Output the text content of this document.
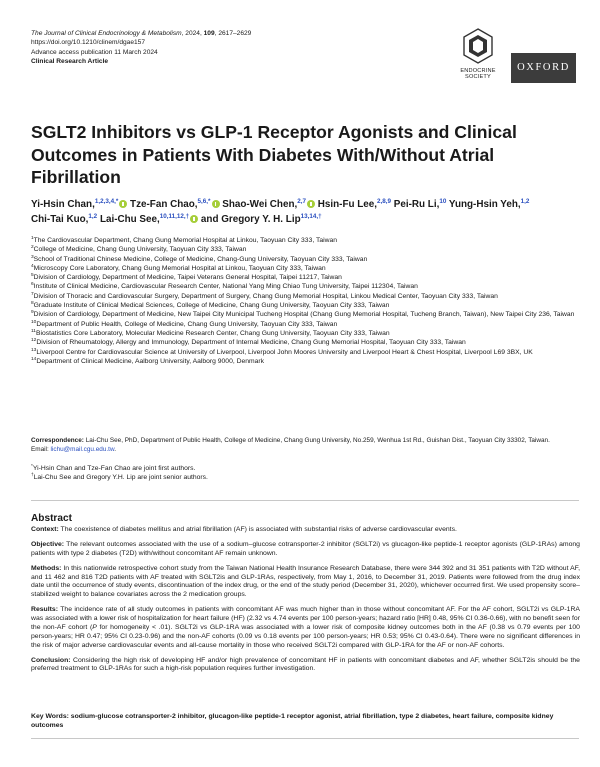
The Journal of Clinical Endocrinology & Metabolism, 2024, 109, 2617–2629
https://doi.org/10.1210/clinem/dgae157
Advance access publication 11 March 2024
Clinical Research Article
ENDOCRINE
SOCIETY
OXFORD
SGLT2 Inhibitors vs GLP-1 Receptor Agonists and Clinical Outcomes in Patients With Diabetes With/Without Atrial Fibrillation
Yi-Hsin Chan,$^{1,2,3,4,*}$ Tze-Fan Chao,$^{5,6,*}$ Shao-Wei Chen,$^{2,7}$ Hsin-Fu Lee,$^{2,8,9}$ Pei-Ru Li,$^{10}$ Yung-Hsin Yeh,$^{1,2}$ Chi-Tai Kuo,$^{1,2}$ Lai-Chu See,$^{10,11,12,\dagger}$ and Gregory Y. H. Lip$^{13,14,\dagger}$
$^1$The Cardiovascular Department, Chang Gung Memorial Hospital at Linkou, Taoyuan City 333, Taiwan
$^2$College of Medicine, Chang Gung University, Taoyuan City 333, Taiwan
$^3$School of Traditional Chinese Medicine, College of Medicine, Chang-Gung University, Taoyuan City 333, Taiwan
$^4$Microscopy Core Laboratory, Chang Gung Memorial Hospital at Linkou, Taoyuan City 333, Taiwan
$^5$Division of Cardiology, Department of Medicine, Taipei Veterans General Hospital, Taipei 11217, Taiwan
$^6$Institute of Clinical Medicine, Cardiovascular Research Center, National Yang Ming Chiao Tung University, Taipei 112304, Taiwan
$^7$Division of Thoracic and Cardiovascular Surgery, Department of Surgery, Chang Gung Memorial Hospital, Linkou Medical Center, Taoyuan City 333, Taiwan
$^8$Graduate Institute of Clinical Medical Sciences, College of Medicine, Chang Gung University, Taoyuan City 333, Taiwan
$^9$Division of Cardiology, Department of Medicine, New Taipei City Municipal Tucheng Hospital (Chang Gung Memorial Hospital, Tucheng Branch, Taiwan), New Taipei City 236, Taiwan
$^{10}$Department of Public Health, College of Medicine, Chang Gung University, Taoyuan City 333, Taiwan
$^{11}$Biostatistics Core Laboratory, Molecular Medicine Research Center, Chang Gung University, Taoyuan City 333, Taiwan
$^{12}$Division of Rheumatology, Allergy and Immunology, Department of Internal Medicine, Chang Gung Memorial Hospital, Taoyuan City 333, Taiwan
$^{13}$Liverpool Centre for Cardiovascular Science at University of Liverpool, Liverpool John Moores University and Liverpool Heart & Chest Hospital, Liverpool L69 3BX, UK
$^{14}$Department of Clinical Medicine, Aalborg University, Aalborg 9000, Denmark
Correspondence: Lai-Chu See, PhD, Department of Public Health, College of Medicine, Chang Gung University, No.259, Wenhua 1st Rd., Guishan Dist., Taoyuan City 33302, Taiwan.
Email: lichu@mail.cgu.edu.tw.
*Yi-Hsin Chan and Tze-Fan Chao are joint first authors.
†Lai-Chu See and Gregory Y.H. Lip are joint senior authors.
Abstract

Context: The coexistence of diabetes mellitus and atrial fibrillation (AF) is associated with substantial risks of adverse cardiovascular events.

Objective: The relevant outcomes associated with the use of a sodium–glucose cotransporter-2 inhibitor (SGLT2i) vs glucagon-like peptide-1 receptor agonists (GLP-1RAs) among patients with type 2 diabetes (T2D) with/without concomitant AF remain unknown.

Methods: In this nationwide retrospective cohort study from the Taiwan National Health Insurance Research Database, there were 344 392 and 31 351 patients with T2D without AF, and 11 462 and 816 T2D patients with AF treated with SGLT2is and GLP-1RAs, respectively, from May 1, 2016, to December 31, 2019. Patients were followed from the drug index date until the occurrence of study events, discontinuation of the index drug, or the end of the study period (December 31, 2020), whichever occurred first. We used propensity score–stabilized weight to balance covariates across the 2 medication groups.

Results: The incidence rate of all study outcomes in patients with concomitant AF was much higher than in those without concomitant AF. For the AF cohort, SGLT2i vs GLP-1RA was associated with a lower risk of hospitalization for heart failure (HF) (2.32 vs 4.74 events per 100 person-years; hazard ratio [HR] 0.48, 95% CI 0.36-0.66), with no benefit seen for the non-AF cohort (P for homogeneity < .01). SGLT2i vs GLP-1RA was associated with a lower risk of composite kidney outcomes both in the AF (0.38 vs 0.79 events per 100 person-years; HR 0.47; 95% CI 0.23-0.96) and the non-AF cohorts (0.09 vs 0.18 events per 100 person-years; HR 0.53; 95% CI 0.43-0.64). There were no significant differences in the risk of major adverse cardiovascular events and all-cause mortality in those who received SGLT2i compared with GLP-1RA for the AF or non-AF cohorts.

Conclusion: Considering the high risk of developing HF and/or high prevalence of concomitant HF in patients with concomitant diabetes and AF, whether SGLT2is should be the preferred treatment to GLP-1RAs for such a high-risk population requires further investigation.

Key Words: sodium-glucose cotransporter-2 inhibitor, glucagon-like peptide-1 receptor agonist, atrial fibrillation, type 2 diabetes, heart failure, composite kidney outcomes
